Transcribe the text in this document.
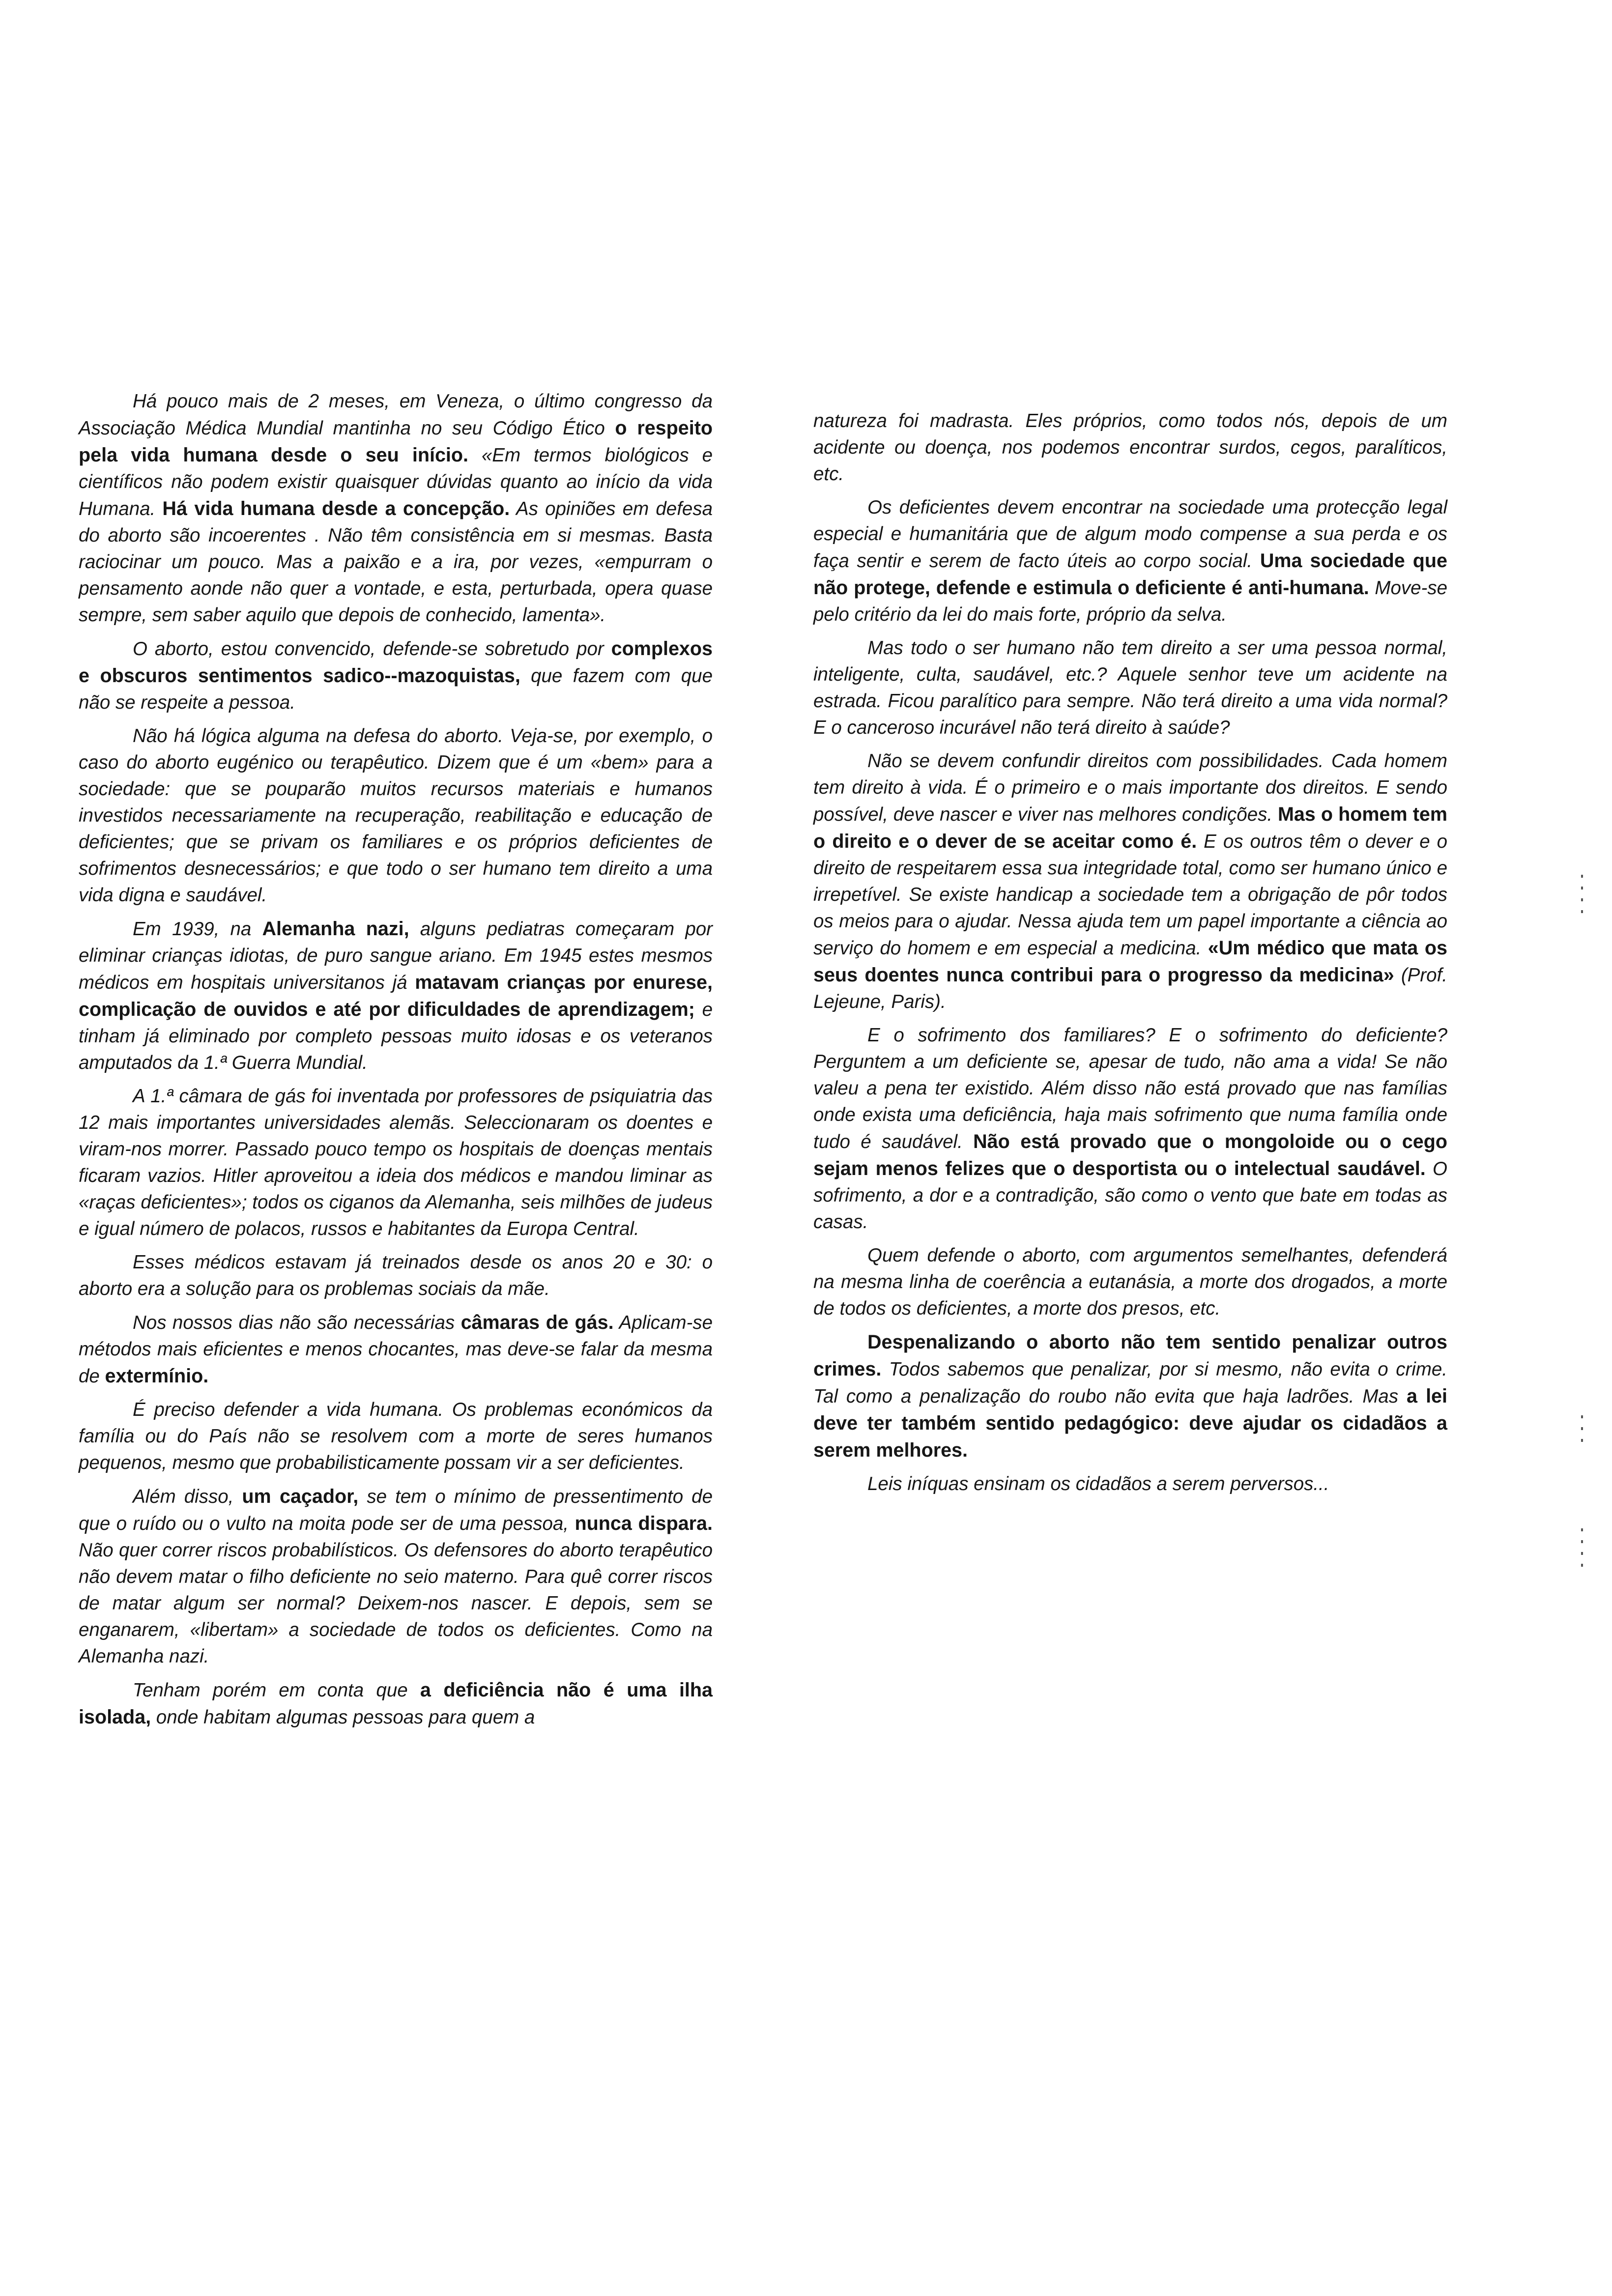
Há pouco mais de 2 meses, em Veneza, o último congresso da Associação Médica Mundial mantinha no seu Código Ético o respeito pela vida humana desde o seu início. «Em termos biológicos e científicos não podem existir quaisquer dúvidas quanto ao início da vida Humana. Há vida humana desde a concepção. As opiniões em defesa do aborto são incoerentes . Não têm consistência em si mesmas. Basta raciocinar um pouco. Mas a paixão e a ira, por vezes, «empurram o pensamento aonde não quer a vontade, e esta, perturbada, opera quase sempre, sem saber aquilo que depois de conhecido, lamenta».

O aborto, estou convencido, defende-se sobretudo por complexos e obscuros sentimentos sadico--mazoquistas, que fazem com que não se respeite a pessoa.

Não há lógica alguma na defesa do aborto. Veja-se, por exemplo, o caso do aborto eugénico ou terapêutico. Dizem que é um «bem» para a sociedade: que se pouparão muitos recursos materiais e humanos investidos necessariamente na recuperação, reabilitação e educação de deficientes; que se privam os familiares e os próprios deficientes de sofrimentos desnecessários; e que todo o ser humano tem direito a uma vida digna e saudável.

Em 1939, na Alemanha nazi, alguns pediatras começaram por eliminar crianças idiotas, de puro sangue ariano. Em 1945 estes mesmos médicos em hospitais universitanos já matavam crianças por enurese, complicação de ouvidos e até por dificuldades de aprendizagem; e tinham já eliminado por completo pessoas muito idosas e os veteranos amputados da 1.ª Guerra Mundial.

A 1.ª câmara de gás foi inventada por professores de psiquiatria das 12 mais importantes universidades alemãs. Seleccionaram os doentes e viram-nos morrer. Passado pouco tempo os hospitais de doenças mentais ficaram vazios. Hitler aproveitou a ideia dos médicos e mandou liminar as «raças deficientes»; todos os ciganos da Alemanha, seis milhões de judeus e igual número de polacos, russos e habitantes da Europa Central.

Esses médicos estavam já treinados desde os anos 20 e 30: o aborto era a solução para os problemas sociais da mãe.

Nos nossos dias não são necessárias câmaras de gás. Aplicam-se métodos mais eficientes e menos chocantes, mas deve-se falar da mesma de extermínio.

É preciso defender a vida humana. Os problemas económicos da família ou do País não se resolvem com a morte de seres humanos pequenos, mesmo que probabilisticamente possam vir a ser deficientes.

Além disso, um caçador, se tem o mínimo de pressentimento de que o ruído ou o vulto na moita pode ser de uma pessoa, nunca dispara. Não quer correr riscos probabilísticos. Os defensores do aborto terapêutico não devem matar o filho deficiente no seio materno. Para quê correr riscos de matar algum ser normal? Deixem-nos nascer. E depois, sem se enganarem, «libertam» a sociedade de todos os deficientes. Como na Alemanha nazi.

Tenham porém em conta que a deficiência não é uma ilha isolada, onde habitam algumas pessoas para quem a

natureza foi madrasta. Eles próprios, como todos nós, depois de um acidente ou doença, nos podemos encontrar surdos, cegos, paralíticos, etc.

Os deficientes devem encontrar na sociedade uma protecção legal especial e humanitária que de algum modo compense a sua perda e os faça sentir e serem de facto úteis ao corpo social. Uma sociedade que não protege, defende e estimula o deficiente é anti-humana. Move-se pelo critério da lei do mais forte, próprio da selva.

Mas todo o ser humano não tem direito a ser uma pessoa normal, inteligente, culta, saudável, etc.? Aquele senhor teve um acidente na estrada. Ficou paralítico para sempre. Não terá direito a uma vida normal? E o canceroso incurável não terá direito à saúde?

Não se devem confundir direitos com possibilidades. Cada homem tem direito à vida. É o primeiro e o mais importante dos direitos. E sendo possível, deve nascer e viver nas melhores condições. Mas o homem tem o direito e o dever de se aceitar como é. E os outros têm o dever e o direito de respeitarem essa sua integridade total, como ser humano único e irrepetível. Se existe handicap a sociedade tem a obrigação de pôr todos os meios para o ajudar. Nessa ajuda tem um papel importante a ciência ao serviço do homem e em especial a medicina. «Um médico que mata os seus doentes nunca contribui para o progresso da medicina» (Prof. Lejeune, Paris).

E o sofrimento dos familiares? E o sofrimento do deficiente? Perguntem a um deficiente se, apesar de tudo, não ama a vida! Se não valeu a pena ter existido. Além disso não está provado que nas famílias onde exista uma deficiência, haja mais sofrimento que numa família onde tudo é saudável. Não está provado que o mongoloide ou o cego sejam menos felizes que o desportista ou o intelectual saudável. O sofrimento, a dor e a contradição, são como o vento que bate em todas as casas.

Quem defende o aborto, com argumentos semelhantes, defenderá na mesma linha de coerência a eutanásia, a morte dos drogados, a morte de todos os deficientes, a morte dos presos, etc.

Despenalizando o aborto não tem sentido penalizar outros crimes. Todos sabemos que penalizar, por si mesmo, não evita o crime. Tal como a penalização do roubo não evita que haja ladrões. Mas a lei deve ter também sentido pedagógico: deve ajudar os cidadãos a serem melhores.

Leis iníquas ensinam os cidadãos a serem perversos...
